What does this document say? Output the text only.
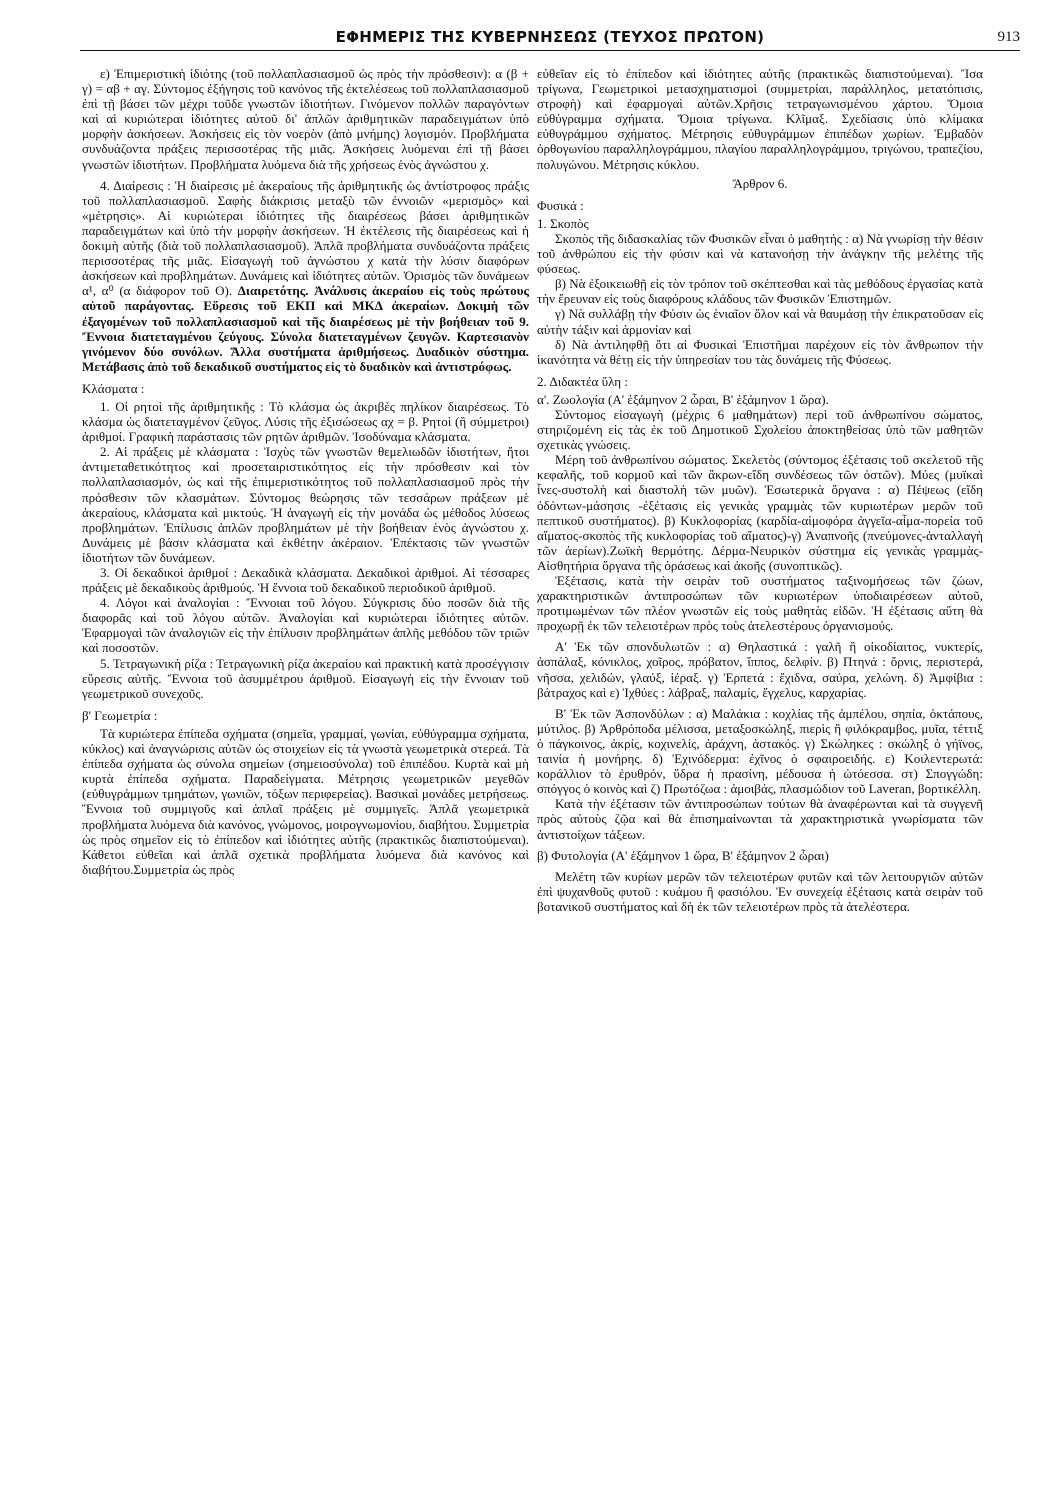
ΕΦΗΜΕΡΙΣ ΤΗΣ ΚΥΒΕΡΝΗΣΕΩΣ (ΤΕΥΧΟΣ ΠΡΩΤΟΝ)	913

ε) Ἐπιμεριστικὴ ἰδιότης (τοῦ πολλαπλασιασμοῦ ὡς πρὸς τὴν πρόσθεσιν): α (β + γ) = αβ + αγ. Σύντομος ἐξήγησις τοῦ κανόνος τῆς ἐκτελέσεως τοῦ πολλαπλασιασμοῦ ἐπὶ τῇ βάσει τῶν μέχρι τοῦδε γνωστῶν ἰδιοτήτων. Γινόμενον πολλῶν παραγόντων καὶ αἱ κυριώτεραι ἰδιότητες αὐτοῦ δι' ἁπλῶν ἀριθμητικῶν παραδειγμάτων ὑπὸ μορφὴν ἀσκήσεων. Ἀσκήσεις εἰς τὸν νοερὸν (ἀπὸ μνήμης) λογισμόν. Προβλήματα συνδυάζοντα πράξεις περισσοτέρας τῆς μιᾶς. Ἀσκήσεις λυόμεναι ἐπὶ τῇ βάσει γνωστῶν ἰδιοτήτων. Προβλήματα λυόμενα διὰ τῆς χρήσεως ἑνὸς ἀγνώστου χ.

4. Διαίρεσις : Ἡ διαίρεσις μὲ ἀκεραίους τῆς ἀριθμητικῆς ὡς ἀντίστροφος πράξις τοῦ πολλαπλασιασμοῦ. Σαφὴς διάκρισις μεταξὺ τῶν ἐννοιῶν «μερισμὸς» καὶ «μέτρησις». Αἱ κυριώτεραι ἰδιότητες τῆς διαιρέσεως βάσει ἀριθμητικῶν παραδειγμάτων καὶ ὑπὸ τὴν μορφὴν ἀσκήσεων. Ἡ ἐκτέλεσις τῆς διαιρέσεως καὶ ἡ δοκιμὴ αὐτῆς (διὰ τοῦ πολλαπλασιασμοῦ). Ἁπλᾶ προβλήματα συνδυάζοντα πράξεις περισσοτέρας τῆς μιᾶς. Εἰσαγωγὴ τοῦ ἀγνώστου χ κατὰ τὴν λύσιν διαφόρων ἀσκήσεων καὶ προβλημάτων. Δυνάμεις καὶ ἰδιότητες αὐτῶν. Ὁρισμὸς τῶν δυνάμεων α¹, α⁰ (α διάφορον τοῦ Ο). Διαιρετότης. Ἀνάλυσις ἀκεραίου εἰς τοὺς πρώτους αὐτοῦ παράγοντας. Εὕρεσις τοῦ ΕΚΠ καὶ ΜΚΔ ἀκεραίων. Δοκιμὴ τῶν ἐξαγομένων τοῦ πολλαπλασιασμοῦ καὶ τῆς διαιρέσεως μὲ τὴν βοήθειαν τοῦ 9. Ἔννοια διατεταγμένου ζεύγους. Σύνολα διατεταγμένων ζευγῶν. Καρτεσιανὸν γινόμενον δύο συνόλων. Ἄλλα συστήματα ἀριθμήσεως. Δυαδικὸν σύστημα. Μετάβασις ἀπὸ τοῦ δεκαδικοῦ συστήματος εἰς τὸ δυαδικὸν καὶ ἀντιστρόφως.

Κλάσματα :

1. Οἱ ρητοὶ τῆς ἀριθμητικῆς : Τὸ κλάσμα ὡς ἀκριβὲς πηλίκον διαιρέσεως. Τὸ κλάσμα ὡς διατεταγμένον ζεῦγος. Λύσις τῆς ἐξισώσεως αχ = β. Ρητοὶ (ἢ σύμμετροι) ἀριθμοί. Γραφικὴ παράστασις τῶν ρητῶν ἀριθμῶν. Ἰσοδύναμα κλάσματα.

2. Αἱ πράξεις μὲ κλάσματα : Ἰσχὺς τῶν γνωστῶν θεμελιωδῶν ἰδιοτήτων, ἤτοι ἀντιμεταθετικότητος καὶ προσεταιριστικότητος εἰς τὴν πρόσθεσιν καὶ τὸν πολλαπλασιασμόν, ὡς καὶ τῆς ἐπιμεριστικότητος τοῦ πολλαπλασιασμοῦ πρὸς τὴν πρόσθεσιν τῶν κλασμάτων. Σύντομος θεώρησις τῶν τεσσάρων πράξεων μὲ ἀκεραίους, κλάσματα καὶ μικτούς. Ἡ ἀναγωγὴ εἰς τὴν μονάδα ὡς μέθοδος λύσεως προβλημάτων. Ἐπίλυσις ἁπλῶν προβλημάτων μὲ τὴν βοήθειαν ἑνὸς ἀγνώστου χ. Δυνάμεις μὲ βάσιν κλάσματα καὶ ἐκθέτην ἀκέραιον. Ἐπέκτασις τῶν γνωστῶν ἰδιοτήτων τῶν δυνάμεων.

3. Οἱ δεκαδικοὶ ἀριθμοί : Δεκαδικὰ κλάσματα. Δεκαδικοὶ ἀριθμοί. Αἱ τέσσαρες πράξεις μὲ δεκαδικοὺς ἀριθμούς. Ἡ ἔννοια τοῦ δεκαδικοῦ περιοδικοῦ ἀριθμοῦ.

4. Λόγοι καὶ ἀναλογίαι : Ἔννοιαι τοῦ λόγου. Σύγκρισις δύο ποσῶν διὰ τῆς διαφορᾶς καὶ τοῦ λόγου αὐτῶν. Ἀναλογίαι καὶ κυριώτεραι ἰδιότητες αὐτῶν. Ἐφαρμογαὶ τῶν ἀναλογιῶν εἰς τὴν ἐπίλυσιν προβλημάτων ἁπλῆς μεθόδου τῶν τριῶν καὶ ποσοστῶν.

5. Τετραγωνικὴ ρίζα : Τετραγωνικὴ ρίζα ἀκεραίου καὶ πρακτικὴ κατὰ προσέγγισιν εὕρεσις αὐτῆς. Ἔννοια τοῦ ἀσυμμέτρου ἀριθμοῦ. Εἰσαγωγὴ εἰς τὴν ἔννοιαν τοῦ γεωμετρικοῦ συνεχοῦς.

β' Γεωμετρία :

Τὰ κυριώτερα ἐπίπεδα σχήματα (σημεῖα, γραμμαί, γωνίαι, εὐθύγραμμα σχήματα, κύκλος) καὶ ἀναγνώρισις αὐτῶν ὡς στοιχείων εἰς τὰ γνωστὰ γεωμετρικὰ στερεά. Τὰ ἐπίπεδα σχήματα ὡς σύνολα σημείων (σημειοσύνολα) τοῦ ἐπιπέδου. Κυρτὰ καὶ μὴ κυρτὰ ἐπίπεδα σχήματα. Παραδείγματα. Μέτρησις γεωμετρικῶν μεγεθῶν (εὐθυγράμμων τμημάτων, γωνιῶν, τόξων περιφερείας). Βασικαὶ μονάδες μετρήσεως. Ἔννοια τοῦ συμμιγοῦς καὶ ἁπλαῖ πράξεις μὲ συμμιγεῖς. Ἁπλᾶ γεωμετρικὰ προβλήματα λυόμενα διὰ κανόνος, γνώμονος, μοιρογνωμονίου, διαβήτου. Συμμετρία ὡς πρὸς σημεῖον εἰς τὸ ἐπίπεδον καὶ ἰδιότητες αὐτῆς (πρακτικῶς διαπιστούμεναι). Κάθετοι εὐθεῖαι καὶ ἁπλᾶ σχετικὰ προβλήματα λυόμενα διὰ κανόνος καὶ διαβήτου.Συμμετρία ὡς πρὸς

εὐθεῖαν εἰς τὸ ἐπίπεδον καὶ ἰδιότητες αὐτῆς (πρακτικῶς διαπιστούμεναι). Ἴσα τρίγωνα, Γεωμετρικοὶ μετασχηματισμοὶ (συμμετρίαι, παράλληλος, μετατόπισις, στροφὴ) καὶ ἐφαρμογαὶ αὐτῶν.Χρῆσις τετραγωνισμένου χάρτου. Ὅμοια εὐθύγραμμα σχήματα. Ὅμοια τρίγωνα. Κλῖμαξ. Σχεδίασις ὑπὸ κλίμακα εὐθυγράμμου σχήματος. Μέτρησις εὐθυγράμμων ἐπιπέδων χωρίων. Ἐμβαδὸν ὀρθογωνίου παραλληλογράμμου, πλαγίου παραλληλογράμμου, τριγώνου, τραπεζίου, πολυγώνου. Μέτρησις κύκλου.

Ἄρθρον 6.

Φυσικά :

1. Σκοπὸς

Σκοπὸς τῆς διδασκαλίας τῶν Φυσικῶν εἶναι ὁ μαθητής : α) Νὰ γνωρίσῃ τὴν θέσιν τοῦ ἀνθρώπου εἰς τὴν φύσιν καὶ νὰ κατανοήσῃ τὴν ἀνάγκην τῆς μελέτης τῆς φύσεως.

β) Νὰ ἐξοικειωθῇ εἰς τὸν τρόπον τοῦ σκέπτεσθαι καὶ τὰς μεθόδους ἐργασίας κατὰ τὴν ἔρευναν εἰς τοὺς διαφόρους κλάδους τῶν Φυσικῶν Ἐπιστημῶν.

γ) Νὰ συλλάβῃ τὴν Φύσιν ὡς ἑνιαῖον ὅλον καὶ νὰ θαυμάσῃ τὴν ἐπικρατοῦσαν εἰς αὐτὴν τάξιν καὶ ἁρμονίαν καὶ

δ) Νὰ ἀντιληφθῇ ὅτι αἱ Φυσικαὶ Ἐπιστῆμαι παρέχουν εἰς τὸν ἄνθρωπον τὴν ἱκανότητα νὰ θέτῃ εἰς τὴν ὑπηρεσίαν του τὰς δυνάμεις τῆς Φύσεως.

2. Διδακτέα ὕλη :

α'. Ζωολογία (Α' ἑξάμηνον 2 ὧραι, Β' ἑξάμηνον 1 ὥρα).

Σύντομος εἰσαγωγὴ (μέχρις 6 μαθημάτων) περὶ τοῦ ἀνθρωπίνου σώματος, στηριζομένη εἰς τὰς ἐκ τοῦ Δημοτικοῦ Σχολείου ἀποκτηθείσας ὑπὸ τῶν μαθητῶν σχετικὰς γνώσεις.

Μέρη τοῦ ἀνθρωπίνου σώματος. Σκελετὸς (σύντομος ἐξέτασις τοῦ σκελετοῦ τῆς κεφαλῆς, τοῦ κορμοῦ καὶ τῶν ἄκρων-εἴδη συνδέσεως τῶν ὀστῶν). Μύες (μυϊκαὶ ἶνες-συστολὴ καὶ διαστολὴ τῶν μυῶν). Ἐσωτερικὰ ὄργανα : α) Πέψεως (εἴδη ὀδόντων-μάσησις -ἐξέτασις εἰς γενικὰς γραμμὰς τῶν κυριωτέρων μερῶν τοῦ πεπτικοῦ συστήματος). β) Κυκλοφορίας (καρδία-αἱμοφόρα ἀγγεῖα-αἷμα-πορεία τοῦ αἵματος-σκοπὸς τῆς κυκλοφορίας τοῦ αἵματος)-γ) Ἀναπνοῆς (πνεύμονες-ἀνταλλαγὴ τῶν ἀερίων).Ζωϊκὴ θερμότης. Δέρμα-Νευρικὸν σύστημα εἰς γενικὰς γραμμὰς-Αἰσθητήρια ὄργανα τῆς ὁράσεως καὶ ἀκοῆς (συνοπτικῶς).

Ἐξέτασις, κατὰ τὴν σειρὰν τοῦ συστήματος ταξινομήσεως τῶν ζώων, χαρακτηριστικῶν ἀντιπροσώπων τῶν κυριωτέρων ὑποδιαιρέσεων αὐτοῦ, προτιμωμένων τῶν πλέον γνωστῶν εἰς τοὺς μαθητὰς εἰδῶν. Ἡ ἐξέτασις αὕτη θὰ προχωρῇ ἐκ τῶν τελειοτέρων πρὸς τοὺς ἀτελεστέρους ὀργανισμούς.

Α' Ἐκ τῶν σπονδυλωτῶν : α) Θηλαστικά : γαλῆ ἢ οἰκοδίαιτος, νυκτερίς, ἀσπάλαξ, κόνικλος, χοῖρος, πρόβατον, ἵππος, δελφίν. β) Πτηνά : ὄρνις, περιστερά, νῆσσα, χελιδών, γλαύξ, ἱέραξ. γ) Ἑρπετά : ἔχιδνα, σαύρα, χελώνη. δ) Ἀμφίβια : βάτραχος καὶ ε) Ἰχθύες : λάβραξ, παλαμίς, ἔγχελυς, καρχαρίας.

Β' Ἐκ τῶν Ἀσπονδύλων : α) Μαλάκια : κοχλίας τῆς ἀμπέλου, σηπία, ὀκτάπους, μύτιλος. β) Ἀρθρόποδα μέλισσα, μεταξοσκώληξ, πιερὶς ἢ φιλόκραμβος, μυῖα, τέττιξ ὁ πάγκοινος, ἀκρίς, κοχινελίς, ἀράχνη, ἀστακός. γ) Σκώληκες : σκώληξ ὁ γήϊνος, ταινία ἡ μονήρης. δ) Ἐχινόδερμα: ἐχῖνος ὁ σφαιροειδής. ε) Κοιλεντερωτά: κοράλλιον τὸ ἐρυθρόν, ὕδρα ἡ πρασίνη, μέδουσα ἡ ὠτόεσσα. στ) Σπογγώδη: σπόγγος ὁ κοινὸς καὶ ζ) Πρωτόζωα : ἀμοιβάς, πλασμώδιον τοῦ Laveran, βορτικέλλη.

Κατὰ τὴν ἐξέτασιν τῶν ἀντιπροσώπων τούτων θὰ ἀναφέρωνται καὶ τὰ συγγενῆ πρὸς αὐτοὺς ζῷα καὶ θὰ ἐπισημαίνωνται τὰ χαρακτηριστικὰ γνωρίσματα τῶν ἀντιστοίχων τάξεων.

β) Φυτολογία (Α' ἑξάμηνον 1 ὥρα, Β' ἑξάμηνον 2 ὧραι)

Μελέτη τῶν κυρίων μερῶν τῶν τελειοτέρων φυτῶν καὶ τῶν λειτουργιῶν αὐτῶν ἐπὶ ψυχανθοῦς φυτοῦ : κυάμου ἢ φασιόλου. Ἐν συνεχείᾳ ἐξέτασις κατὰ σειρὰν τοῦ βοτανικοῦ συστήματος καὶ δὴ ἐκ τῶν τελειοτέρων πρὸς τὰ ἀτελέστερα.
